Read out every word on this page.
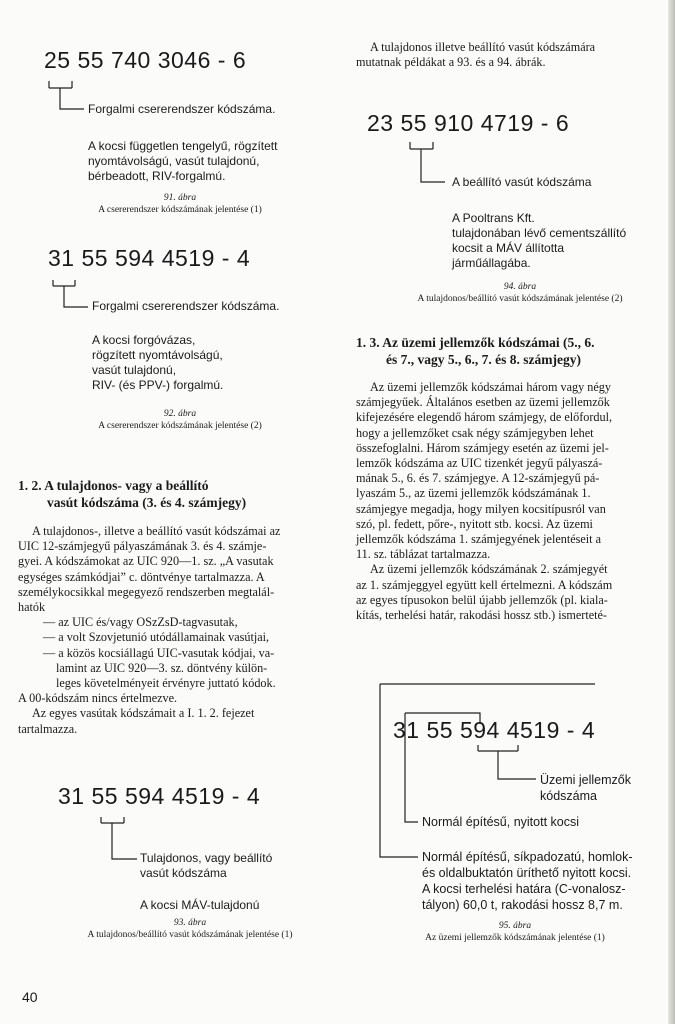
25 55 740 3046 - 6
Forgalmi csererendszer kódszáma.
A kocsi független tengelyű, rögzített
nyomtávolságú, vasút tulajdonú,
bérbeadott, RIV-forgalmú.
91. ábra
A csererendszer kódszámának jelentése (1)
31 55 594 4519 - 4
Forgalmi csererendszer kódszáma.
A kocsi forgóvázas,
rögzített nyomtávolságú,
vasút tulajdonú,
RIV- (és PPV-) forgalmú.
92. ábra
A csererendszer kódszámának jelentése (2)
1. 2. A tulajdonos- vagy a beállító
vasút kódszáma (3. és 4. számjegy)

A tulajdonos-, illetve a beállító vasút kódszámai az

UIC 12-számjegyű pályaszámának 3. és 4. számje-

gyei. A kódszámokat az UIC 920—1. sz. „A vasutak

egységes számkódjai” c. döntvénye tartalmazza. A

személykocsikkal megegyező rendszerben megtalál-

hatók

— az UIC és/vagy OSzZsD-tagvasutak,

— a volt Szovjetunió utódállamainak vasútjai,

— a közös kocsiállagú UIC-vasutak kódjai, va-

lamint az UIC 920—3. sz. döntvény külön-

leges követelményeit érvényre juttató kódok.

A 00-kódszám nincs értelmezve.

Az egyes vasútak kódszámait a I. 1. 2. fejezet

tartalmazza.

31 55 594 4519 - 4
Tulajdonos, vagy beállító
vasút kódszáma
A kocsi MÁV-tulajdonú
93. ábra
A tulajdonos/beállító vasút kódszámának jelentése (1)
40

A tulajdonos illetve beállító vasút kódszámára

mutatnak példákat a 93. és a 94. ábrák.

23 55 910 4719 - 6
A beállító vasút kódszáma
A Pooltrans Kft.
tulajdonában lévő cementszállító
kocsit a MÁV állította
járműállagába.
94. ábra
A tulajdonos/beállító vasút kódszámának jelentése (2)
1. 3. Az üzemi jellemzők kódszámai (5., 6.
és 7., vagy 5., 6., 7. és 8. számjegy)

Az üzemi jellemzők kódszámai három vagy négy

számjegyűek. Általános esetben az üzemi jellemzők

kifejezésére elegendő három számjegy, de előfordul,

hogy a jellemzőket csak négy számjegyben lehet

összefoglalni. Három számjegy esetén az üzemi jel-

lemzők kódszáma az UIC tizenkét jegyű pályaszá-

mának 5., 6. és 7. számjegye. A 12-számjegyű pá-

lyaszám 5., az üzemi jellemzők kódszámának 1.

számjegye megadja, hogy milyen kocsitípusról van

szó, pl. fedett, pőre-, nyitott stb. kocsi. Az üzemi

jellemzők kódszáma 1. számjegyének jelentéseit a

11. sz. táblázat tartalmazza.

Az üzemi jellemzők kódszámának 2. számjegyét

az 1. számjeggyel együtt kell értelmezni. A kódszám

az egyes típusokon belül újabb jellemzők (pl. kiala-

kítás, terhelési határ, rakodási hossz stb.) ismerteté-

31 55 594 4519 - 4
Üzemi jellemzők
kódszáma
Normál építésű, nyitott kocsi
Normál építésű, síkpadozatú, homlok-
és oldalbuktatón üríthető nyitott kocsi.
A kocsi terhelési határa (C-vonalosz-
tályon) 60,0 t, rakodási hossz 8,7 m.
95. ábra
Az üzemi jellemzők kódszámának jelentése (1)
